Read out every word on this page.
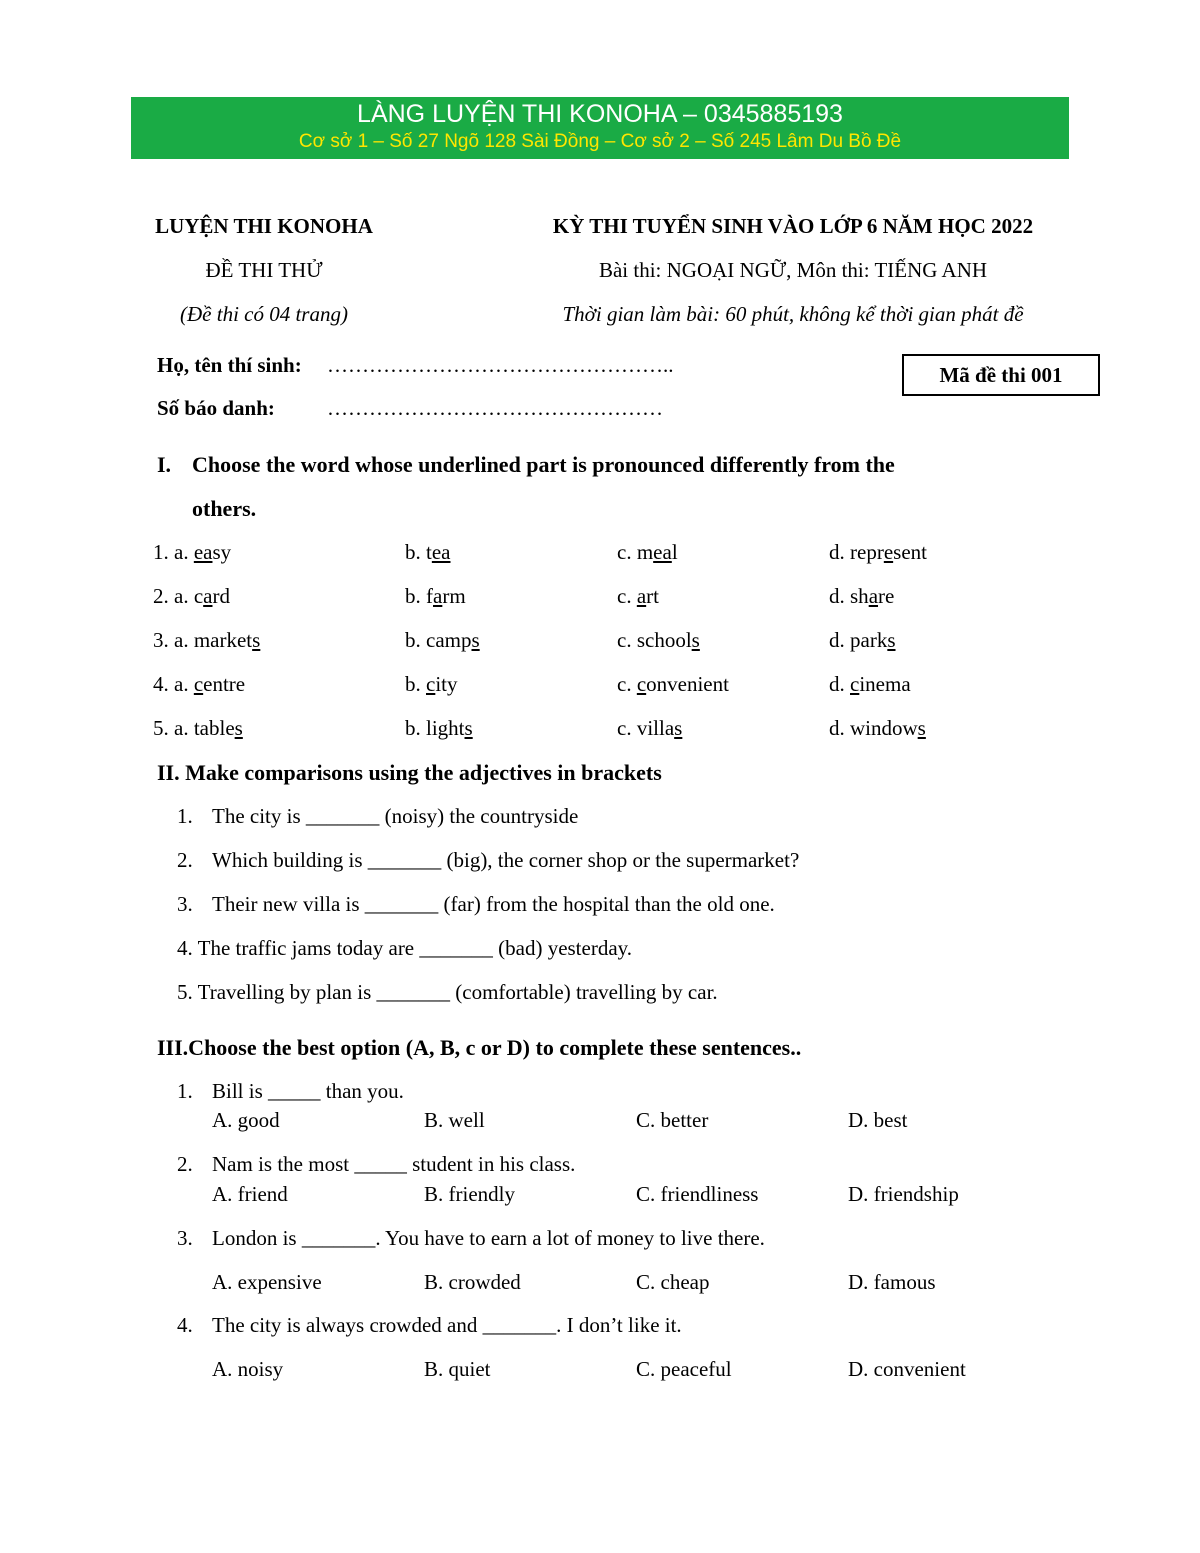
LÀNG LUYỆN THI KONOHA – 0345885193
Cơ sở 1 – Số 27 Ngõ 128 Sài Đồng – Cơ sở 2 – Số 245 Lâm Du Bồ Đề
LUYỆN THI KONOHA
ĐỀ THI THỬ
(Đề thi có 04 trang)
KỲ THI TUYỂN SINH VÀO LỚP 6 NĂM HỌC 2022
Bài thi: NGOẠI NGỮ, Môn thi: TIẾNG ANH
Thời gian làm bài: 60 phút, không kể thời gian phát đề
Họ, tên thí sinh: …………………………………………..
Số báo danh: …………………………………………
Mã đề thi 001
I. Choose the word whose underlined part is pronounced differently from the
others.
1. a. easy	b. tea	c. meal	d. represent
2. a. card	b. farm	c. art	d. share
3. a. markets	b. camps	c. schools	d. parks
4. a. centre	b. city	c. convenient	d. cinema
5. a. tables	b. lights	c. villas	d. windows
II. Make comparisons using the adjectives in brackets
1. The city is _______ (noisy) the countryside
2. Which building is _______ (big), the corner shop or the supermarket?
3. Their new villa is _______ (far) from the hospital than the old one.
4. The traffic jams today are _______ (bad) yesterday.
5. Travelling by plan is _______ (comfortable) travelling by car.
III.Choose the best option (A, B, c or D) to complete these sentences..
1. Bill is _____ than you.
A. good	B. well	C. better	D. best
2. Nam is the most _____ student in his class.
A. friend	B. friendly	C. friendliness	D. friendship
3. London is _______. You have to earn a lot of money to live there.
A. expensive	B. crowded	C. cheap	D. famous
4. The city is always crowded and _______. I don’t like it.
A. noisy	B. quiet	C. peaceful	D. convenient
